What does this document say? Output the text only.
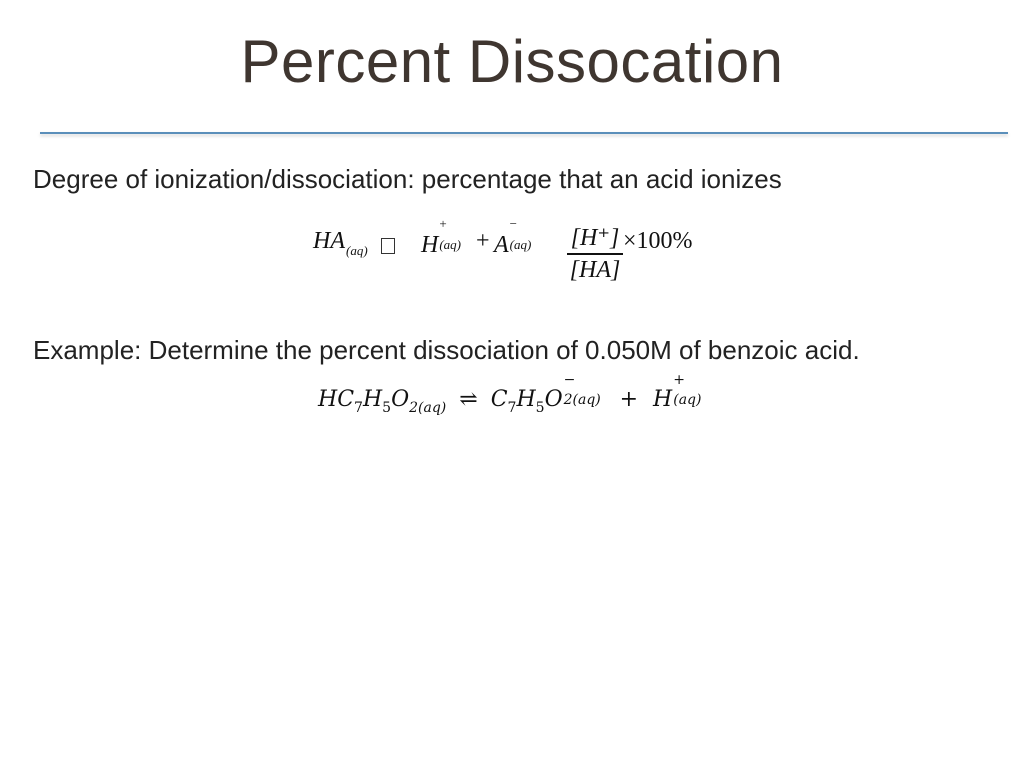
Percent Dissocation
Degree of ionization/dissociation: percentage that an acid ionizes
$HA_{(aq)}$ H
+
(aq) + A
−
(aq) [H⁺]
[HA]
×100%
Example: Determine the percent dissociation of 0.050M of benzoic acid.
$HC_7H_5O_{2(aq)}$ ⇌ $C_7H_5O$
−
2(aq) + H
+
(aq)
